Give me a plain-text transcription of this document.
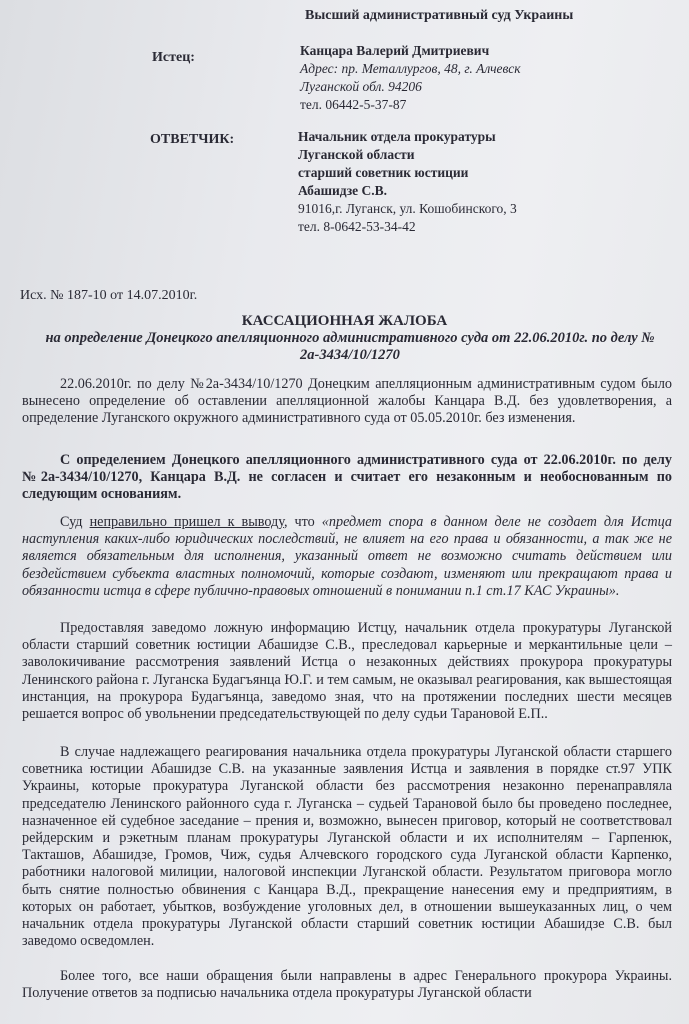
Высший административный суд Украины
Истец:	Канцара Валерий Дмитриевич
Адрес: пр. Металлургов, 48, г. Алчевск
Луганской обл. 94206
тел. 06442-5-37-87
ОТВЕТЧИК:	Начальник отдела прокуратуры
Луганской области
старший советник юстиции
Абашидзе С.В.
91016,г. Луганск, ул. Кошобинского, 3
тел. 8-0642-53-34-42
Исх. № 187-10 от 14.07.2010г.
КАССАЦИОННАЯ ЖАЛОБА
на определение Донецкого апелляционного административного суда от 22.06.2010г. по делу № 2а-3434/10/1270

22.06.2010г. по делу №2а-3434/10/1270 Донецким апелляционным административным судом было вынесено определение об оставлении апелляционной жалобы Канцара В.Д. без удовлетворения, а определение Луганского окружного административного суда от 05.05.2010г. без изменения.

С определением Донецкого апелляционного административного суда от 22.06.2010г. по делу №2а-3434/10/1270, Канцара В.Д. не согласен и считает его незаконным и необоснованным по следующим основаниям.

Суд неправильно пришел к выводу, что «предмет спора в данном деле не создает для Истца наступления каких-либо юридических последствий, не влияет на его права и обязанности, а так же не является обязательным для исполнения, указанный ответ не возможно считать действием или бездействием субъекта властных полномочий, которые создают, изменяют или прекращают права и обязанности истца в сфере публично-правовых отношений в понимании п.1 ст.17 КАС Украины».

Предоставляя заведомо ложную информацию Истцу, начальник отдела прокуратуры Луганской области старший советник юстиции Абашидзе С.В., преследовал карьерные и меркантильные цели – заволокичивание рассмотрения заявлений Истца о незаконных действиях прокурора прокуратуры Ленинского района г. Луганска Будагъянца Ю.Г. и тем самым, не оказывал реагирования, как вышестоящая инстанция, на прокурора Будагъянца, заведомо зная, что на протяжении последних шести месяцев решается вопрос об увольнении председательствующей по делу судьи Тарановой Е.П..

В случае надлежащего реагирования начальника отдела прокуратуры Луганской области старшего советника юстиции Абашидзе С.В. на указанные заявления Истца и заявления в порядке ст.97 УПК Украины, которые прокуратура Луганской области без рассмотрения незаконно перенаправляла председателю Ленинского районного суда г. Луганска – судьей Тарановой было бы проведено последнее, назначенное ей судебное заседание – прения и, возможно, вынесен приговор, который не соответствовал рейдерским и рэкетным планам прокуратуры Луганской области и их исполнителям – Гарпенюк, Такташов, Абашидзе, Громов, Чиж, судья Алчевского городского суда Луганской области Карпенко, работники налоговой милиции, налоговой инспекции Луганской области. Результатом приговора могло быть снятие полностью обвинения с Канцара В.Д., прекращение нанесения ему и предприятиям, в которых он работает, убытков, возбуждение уголовных дел, в отношении вышеуказанных лиц, о чем начальник отдела прокуратуры Луганской области старший советник юстиции Абашидзе С.В. был заведомо осведомлен.

Более того, все наши обращения были направлены в адрес Генерального прокурора Украины. Получение ответов за подписью начальника отдела прокуратуры Луганской области
